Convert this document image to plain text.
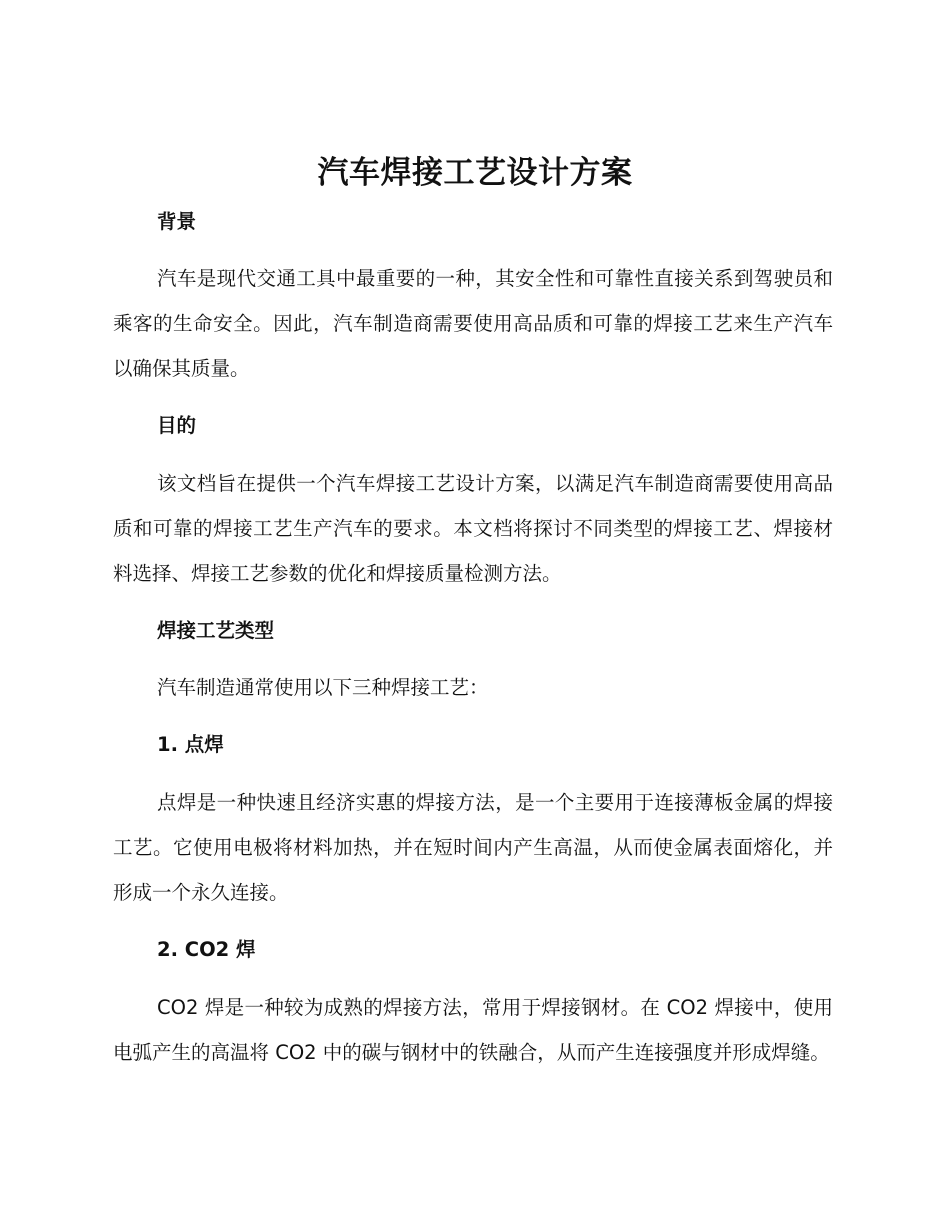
汽车焊接工艺设计方案
背景

汽车是现代交通工具中最重要的一种，其安全性和可靠性直接关系到驾驶员和乘客的生命安全。因此，汽车制造商需要使用高品质和可靠的焊接工艺来生产汽车以确保其质量。

目的

该文档旨在提供一个汽车焊接工艺设计方案，以满足汽车制造商需要使用高品质和可靠的焊接工艺生产汽车的要求。本文档将探讨不同类型的焊接工艺、焊接材料选择、焊接工艺参数的优化和焊接质量检测方法。

焊接工艺类型

汽车制造通常使用以下三种焊接工艺：

1. 点焊

点焊是一种快速且经济实惠的焊接方法，是一个主要用于连接薄板金属的焊接工艺。它使用电极将材料加热，并在短时间内产生高温，从而使金属表面熔化，并形成一个永久连接。

2. CO2 焊

CO2 焊是一种较为成熟的焊接方法，常用于焊接钢材。在 CO2 焊接中，使用电弧产生的高温将 CO2 中的碳与钢材中的铁融合，从而产生连接强度并形成焊缝。
